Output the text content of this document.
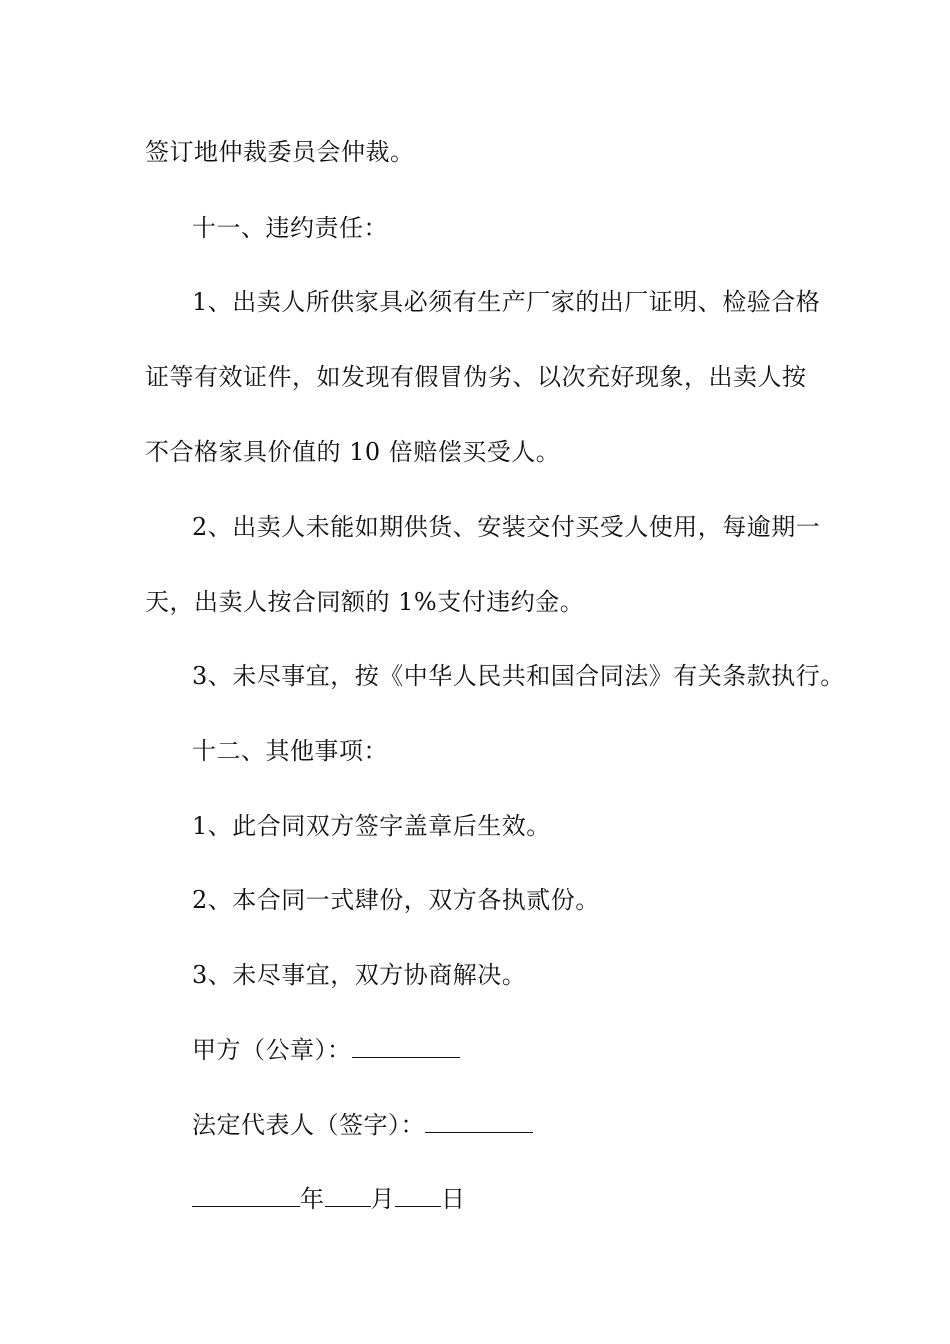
签订地仲裁委员会仲裁。
十一、违约责任：
1、出卖人所供家具必须有生产厂家的出厂证明、检验合格
证等有效证件，如发现有假冒伪劣、以次充好现象，出卖人按
不合格家具价值的 10 倍赔偿买受人。
2、出卖人未能如期供货、安装交付买受人使用，每逾期一
天，出卖人按合同额的 1%支付违约金。
3、未尽事宜，按《中华人民共和国合同法》有关条款执行。
十二、其他事项：
1、此合同双方签字盖章后生效。
2、本合同一式肆份，双方各执贰份。
3、未尽事宜，双方协商解决。
甲方（公章）：
法定代表人（签字）：
年 月 日
